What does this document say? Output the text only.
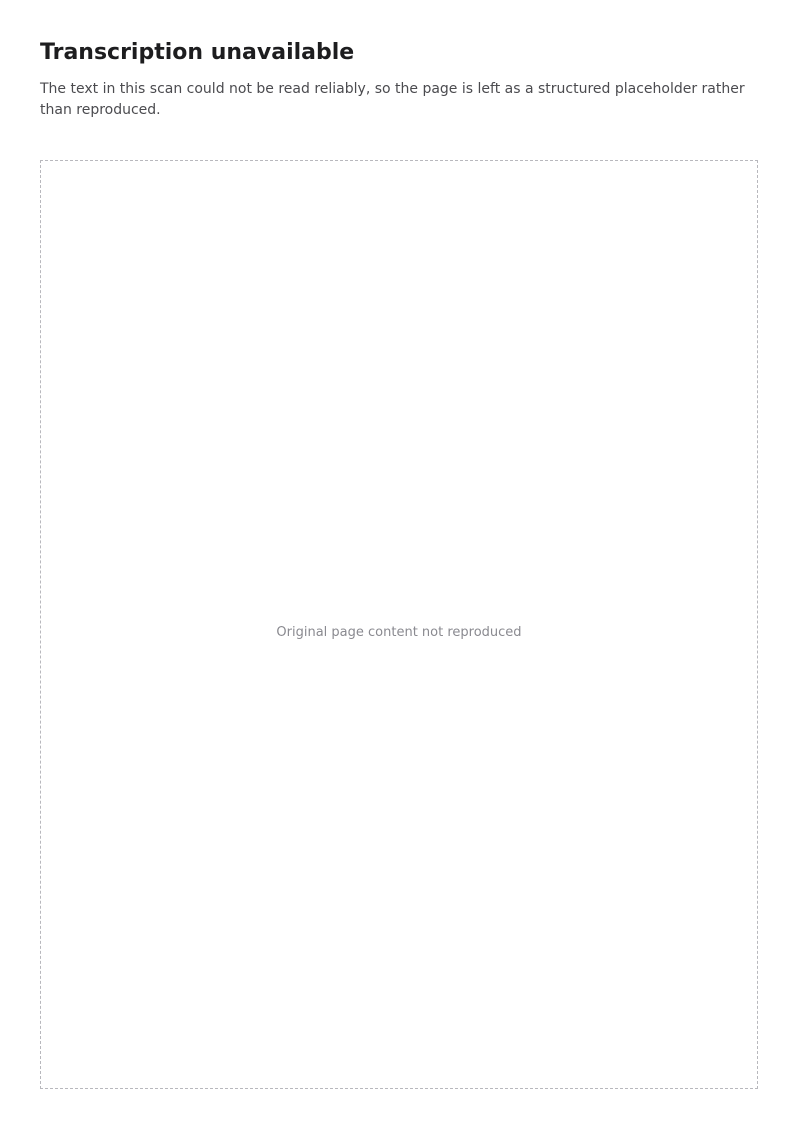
Transcription unavailable

The text in this scan could not be read reliably, so the page is left as a structured placeholder rather than reproduced.

Original page content not reproduced
